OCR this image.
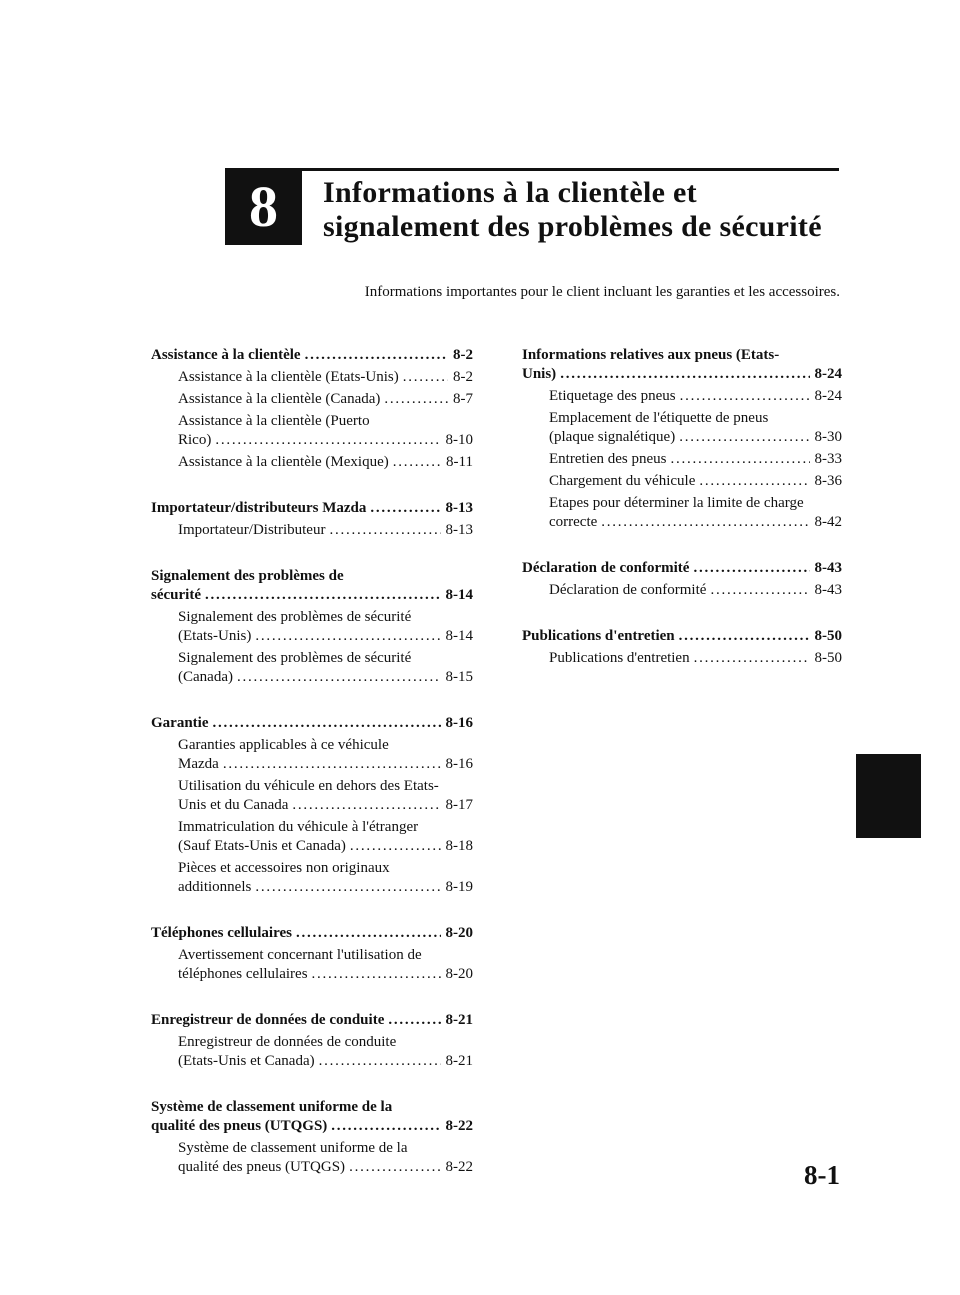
8 Informations à la clientèle et
signalement des problèmes de sécurité
Informations importantes pour le client incluant les garanties et les accessoires.
Assistance à la clientèle . . .	8-2
Assistance à la clientèle (Etats-Unis) . . .	8-2
Assistance à la clientèle (Canada) . . .	8-7
Assistance à la clientèle (Puerto
Rico) . . .	8-10
Assistance à la clientèle (Mexique) . . .	8-11
Importateur/distributeurs Mazda . . .	8-13
Importateur/Distributeur . . .	8-13
Signalement des problèmes de
sécurité . . .	8-14
Signalement des problèmes de sécurité
(Etats-Unis) . . .	8-14
Signalement des problèmes de sécurité
(Canada) . . .	8-15
Garantie . . .	8-16
Garanties applicables à ce véhicule
Mazda . . .	8-16
Utilisation du véhicule en dehors des Etats-
Unis et du Canada . . .	8-17
Immatriculation du véhicule à l'étranger
(Sauf Etats-Unis et Canada) . . .	8-18
Pièces et accessoires non originaux
additionnels . . .	8-19
Téléphones cellulaires . . .	8-20
Avertissement concernant l'utilisation de
téléphones cellulaires . . .	8-20
Enregistreur de données de conduite . . .	8-21
Enregistreur de données de conduite
(Etats-Unis et Canada) . . .	8-21
Système de classement uniforme de la
qualité des pneus (UTQGS) . . .	8-22
Système de classement uniforme de la
qualité des pneus (UTQGS) . . .	8-22
Informations relatives aux pneus (Etats-
Unis) . . .	8-24
Etiquetage des pneus . . .	8-24
Emplacement de l'étiquette de pneus
(plaque signalétique) . . .	8-30
Entretien des pneus . . .	8-33
Chargement du véhicule . . .	8-36
Etapes pour déterminer la limite de charge
correcte . . .	8-42
Déclaration de conformité . . .	8-43
Déclaration de conformité . . .	8-43
Publications d'entretien . . .	8-50
Publications d'entretien . . .	8-50
8-1
